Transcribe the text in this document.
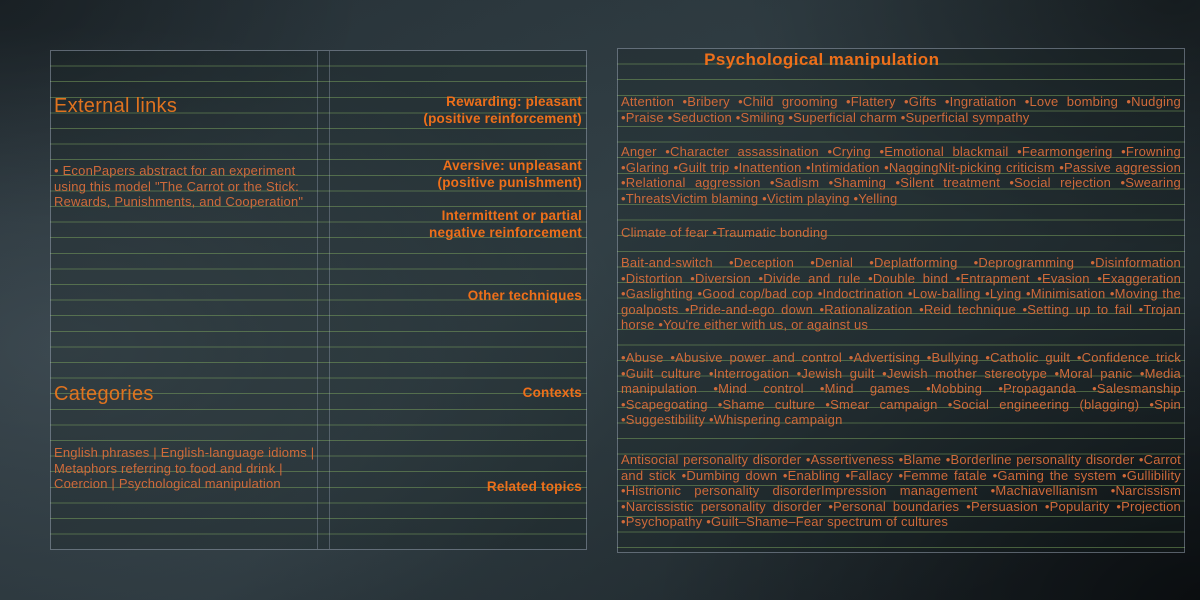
External links
• EconPapers abstract for an experiment using this model "The Carrot or the Stick: Rewards, Punishments, and Cooperation"
Categories
English phrases | English-language idioms | Metaphors referring to food and drink | Coercion | Psychological manipulation
Rewarding: pleasant (positive reinforcement)
Aversive: unpleasant (positive punishment)
Intermittent or partial negative reinforcement
Other techniques
Contexts
Related topics
Psychological manipulation
Attention •Bribery •Child grooming •Flattery •Gifts •Ingratiation •Love bombing •Nudging •Praise •Seduction •Smiling •Superficial charm •Superficial sympathy
Anger •Character assassination •Crying •Emotional blackmail •Fearmongering •Frowning •Glaring •Guilt trip •Inattention •Intimidation •NaggingNit-picking criticism •Passive aggression •Relational aggression •Sadism •Shaming •Silent treatment •Social rejection •Swearing •ThreatsVictim blaming •Victim playing •Yelling
Climate of fear •Traumatic bonding
Bait-and-switch •Deception •Denial •Deplatforming •Deprogramming •Disinformation •Distortion •Diversion •Divide and rule •Double bind •Entrapment •Evasion •Exaggeration •Gaslighting •Good cop/bad cop •Indoctrination •Low-balling •Lying •Minimisation •Moving the goalposts •Pride-and-ego down •Rationalization •Reid technique •Setting up to fail •Trojan horse •You're either with us, or against us
•Abuse •Abusive power and control •Advertising •Bullying •Catholic guilt •Confidence trick •Guilt culture •Interrogation •Jewish guilt •Jewish mother stereotype •Moral panic •Media manipulation •Mind control •Mind games •Mobbing •Propaganda •Salesmanship •Scapegoating •Shame culture •Smear campaign •Social engineering (blagging) •Spin •Suggestibility •Whispering campaign
Antisocial personality disorder •Assertiveness •Blame •Borderline personality disorder •Carrot and stick •Dumbing down •Enabling •Fallacy •Femme fatale •Gaming the system •Gullibility •Histrionic personality disorderImpression management •Machiavellianism •Narcissism •Narcissistic personality disorder •Personal boundaries •Persuasion •Popularity •Projection •Psychopathy •Guilt–Shame–Fear spectrum of cultures
